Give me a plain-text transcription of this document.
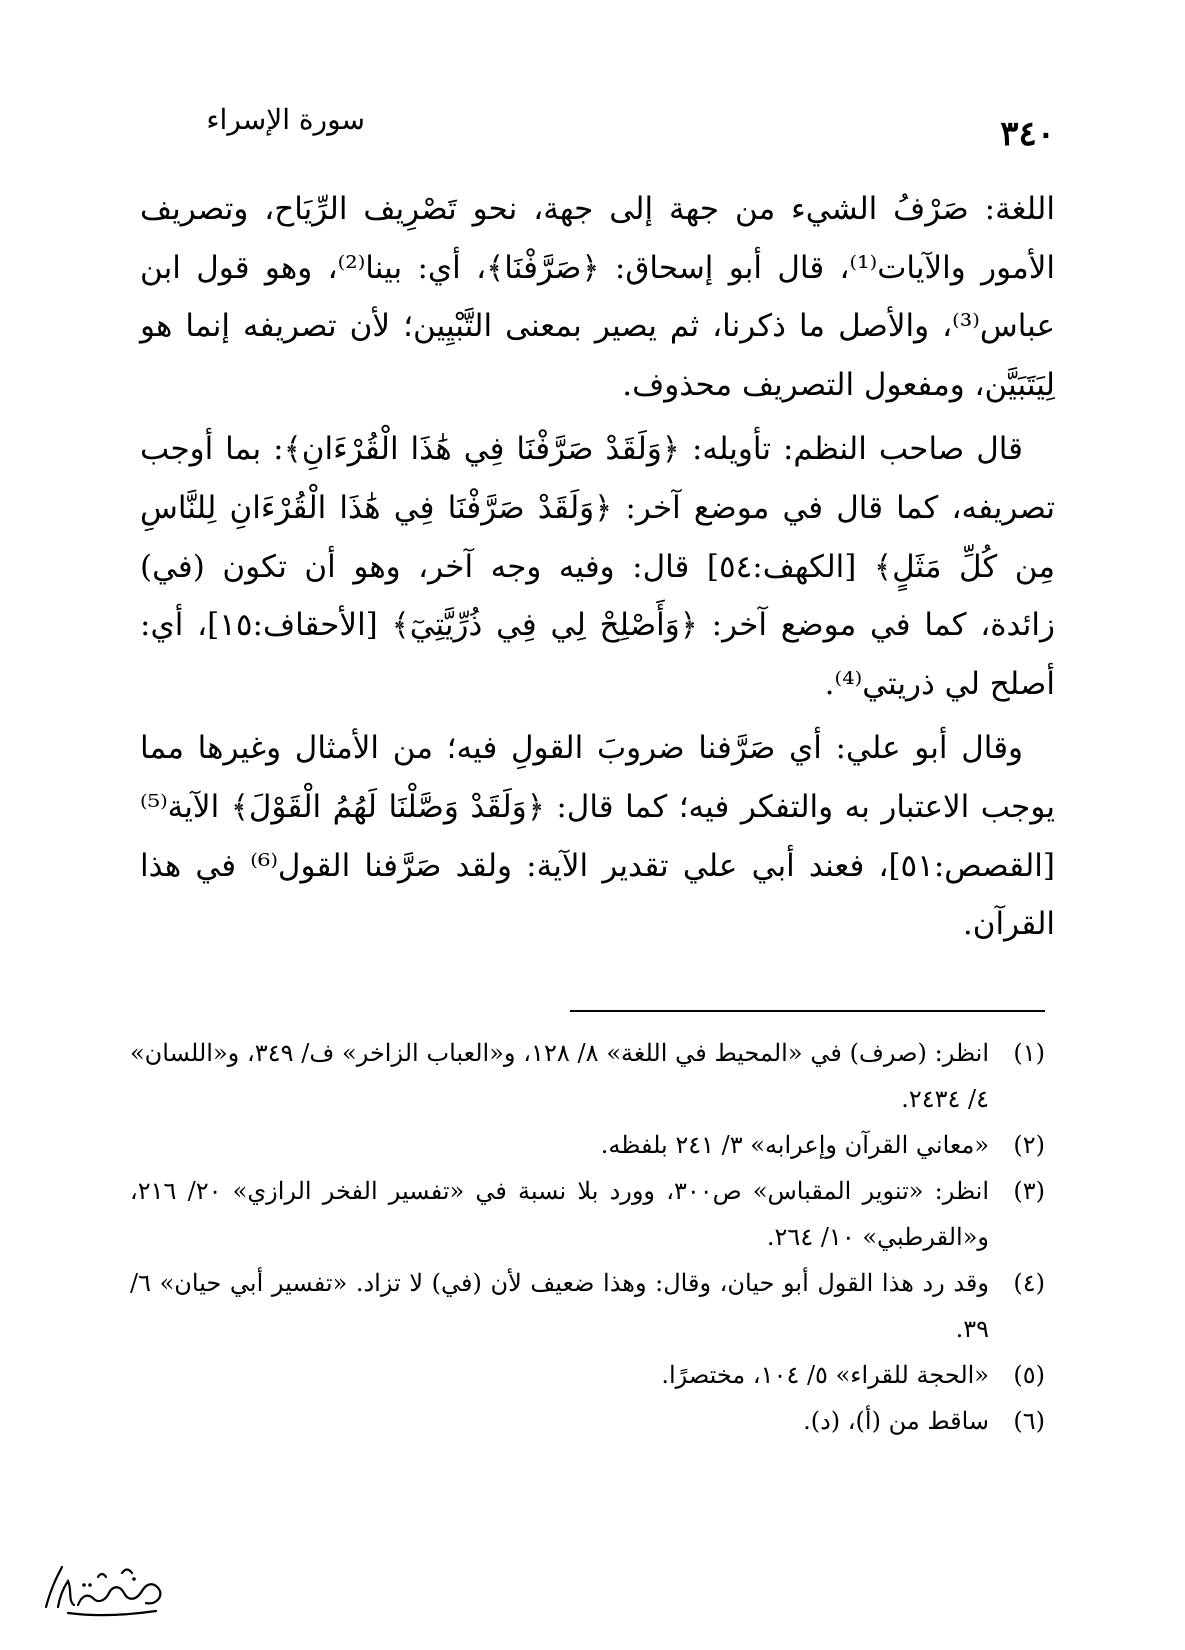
سورة الإسراء	٣٤٠

اللغة: صَرْفُ الشيء من جهة إلى جهة، نحو تَصْرِيف الرِّيَاح، وتصريف الأمور والآيات⁽¹⁾، قال أبو إسحاق: ﴿صَرَّفْنَا﴾، أي: بينا⁽²⁾، وهو قول ابن عباس⁽³⁾، والأصل ما ذكرنا، ثم يصير بمعنى التَّبْيِين؛ لأن تصريفه إنما هو لِيَتَبَيَّن، ومفعول التصريف محذوف.

قال صاحب النظم: تأويله: ﴿وَلَقَدْ صَرَّفْنَا فِي هَٰذَا الْقُرْءَانِ﴾: بما أوجب تصريفه، كما قال في موضع آخر: ﴿وَلَقَدْ صَرَّفْنَا فِي هَٰذَا الْقُرْءَانِ لِلنَّاسِ مِن كُلِّ مَثَلٍ﴾ [الكهف:٥٤] قال: وفيه وجه آخر، وهو أن تكون (في) زائدة، كما في موضع آخر: ﴿وَأَصْلِحْ لِي فِي ذُرِّيَّتِيٓ﴾ [الأحقاف:١٥]، أي: أصلح لي ذريتي⁽⁴⁾.

وقال أبو علي: أي صَرَّفنا ضروبَ القولِ فيه؛ من الأمثال وغيرها مما يوجب الاعتبار به والتفكر فيه؛ كما قال: ﴿وَلَقَدْ وَصَّلْنَا لَهُمُ الْقَوْلَ﴾ الآية⁽⁵⁾ [القصص:٥١]، فعند أبي علي تقدير الآية: ولقد صَرَّفنا القول⁽⁶⁾ في هذا القرآن.

(١)
انظر: (صرف) في «المحيط في اللغة» ٨/ ١٢٨، و«العباب الزاخر» ف/ ٣٤٩، و«اللسان» ٤/ ٢٤٣٤.
(٢)
«معاني القرآن وإعرابه» ٣/ ٢٤١ بلفظه.
(٣)
انظر: «تنوير المقباس» ص٣٠٠، وورد بلا نسبة في «تفسير الفخر الرازي» ٢٠/ ٢١٦، و«القرطبي» ١٠/ ٢٦٤.
(٤)
وقد رد هذا القول أبو حيان، وقال: وهذا ضعيف لأن (في) لا تزاد. «تفسير أبي حيان» ٦/ ٣٩.
(٥)
«الحجة للقراء» ٥/ ١٠٤، مختصرًا.
(٦)
ساقط من (أ)، (د).
